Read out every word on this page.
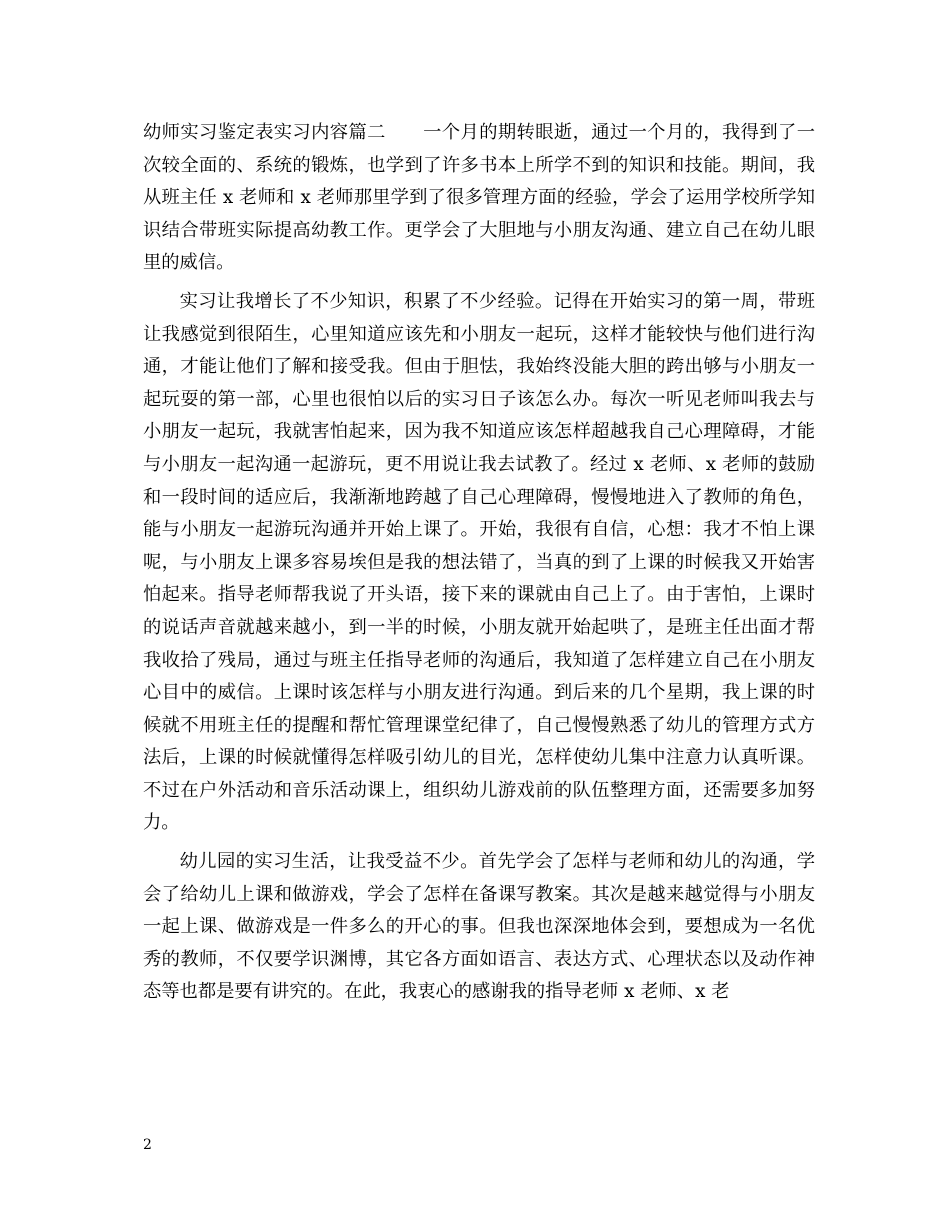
幼师实习鉴定表实习内容篇二　　一个月的期转眼逝，通过一个月的，我得到了一次较全面的、系统的锻炼，也学到了许多书本上所学不到的知识和技能。期间，我从班主任 x 老师和 x 老师那里学到了很多管理方面的经验，学会了运用学校所学知识结合带班实际提高幼教工作。更学会了大胆地与小朋友沟通、建立自己在幼儿眼里的威信。

实习让我增长了不少知识，积累了不少经验。记得在开始实习的第一周，带班让我感觉到很陌生，心里知道应该先和小朋友一起玩，这样才能较快与他们进行沟通，才能让他们了解和接受我。但由于胆怯，我始终没能大胆的跨出够与小朋友一起玩耍的第一部，心里也很怕以后的实习日子该怎么办。每次一听见老师叫我去与小朋友一起玩，我就害怕起来，因为我不知道应该怎样超越我自己心理障碍，才能与小朋友一起沟通一起游玩，更不用说让我去试教了。经过 x 老师、x 老师的鼓励和一段时间的适应后，我渐渐地跨越了自己心理障碍，慢慢地进入了教师的角色，能与小朋友一起游玩沟通并开始上课了。开始，我很有自信，心想：我才不怕上课呢，与小朋友上课多容易埃但是我的想法错了，当真的到了上课的时候我又开始害怕起来。指导老师帮我说了开头语，接下来的课就由自己上了。由于害怕，上课时的说话声音就越来越小，到一半的时候，小朋友就开始起哄了，是班主任出面才帮我收拾了残局，通过与班主任指导老师的沟通后，我知道了怎样建立自己在小朋友心目中的威信。上课时该怎样与小朋友进行沟通。到后来的几个星期，我上课的时候就不用班主任的提醒和帮忙管理课堂纪律了，自己慢慢熟悉了幼儿的管理方式方法后，上课的时候就懂得怎样吸引幼儿的目光，怎样使幼儿集中注意力认真听课。不过在户外活动和音乐活动课上，组织幼儿游戏前的队伍整理方面，还需要多加努力。

幼儿园的实习生活，让我受益不少。首先学会了怎样与老师和幼儿的沟通，学会了给幼儿上课和做游戏，学会了怎样在备课写教案。其次是越来越觉得与小朋友一起上课、做游戏是一件多么的开心的事。但我也深深地体会到，要想成为一名优秀的教师，不仅要学识渊博，其它各方面如语言、表达方式、心理状态以及动作神态等也都是要有讲究的。在此，我衷心的感谢我的指导老师 x 老师、x 老

2
